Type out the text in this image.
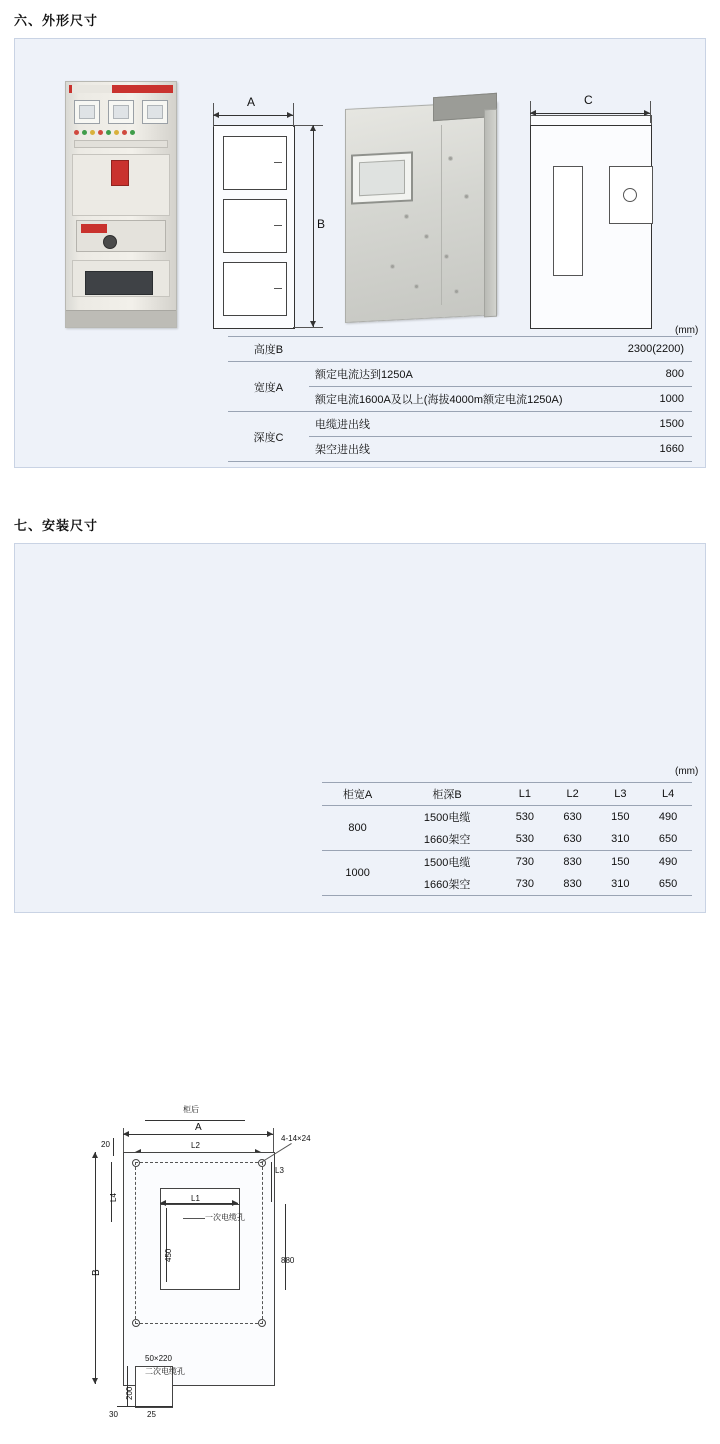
六、外形尺寸
A
B
C
(mm)
高度B		2300(2200)
宽度A	额定电流达到1250A	800
	额定电流1600A及以上(海拔4000m额定电流1250A)	1000
深度C	电缆进出线	1500
	架空进出线	1660
七、安装尺寸
柜后
A
L2
20
4-14×24
L3
L1
L4
B
450
一次电缆孔
880
50×220
二次电缆孔
200
30	25
(mm)
柜宽A	柜深B	L1	L2	L3	L4
800	1500电缆	530	630	150	490
	1660架空	530	630	310	650
1000	1500电缆	730	830	150	490
	1660架空	730	830	310	650
